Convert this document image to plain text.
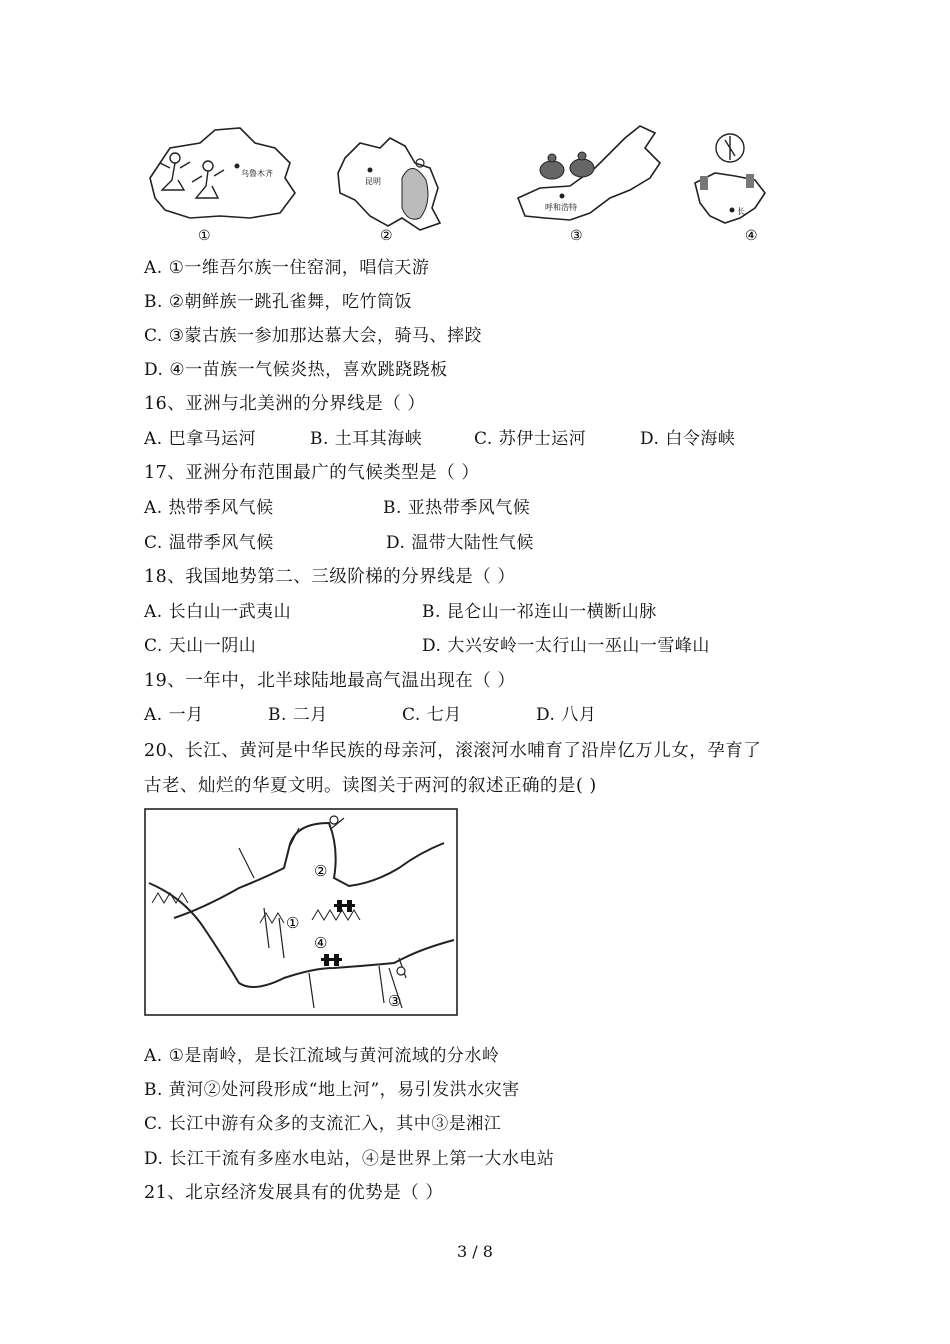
乌鲁木齐
①
昆明
②
呼和浩特
③
长
④
A. ①一维吾尔族一住窑洞，唱信天游
B. ②朝鲜族一跳孔雀舞，吃竹筒饭
C. ③蒙古族一参加那达慕大会，骑马、摔跤
D. ④一苗族一气候炎热，喜欢跳跷跷板
16、亚洲与北美洲的分界线是（ ）
A. 巴拿马运河	B. 土耳其海峡	C. 苏伊士运河	D. 白令海峡
17、亚洲分布范围最广的气候类型是（ ）
A. 热带季风气候	B. 亚热带季风气候
C. 温带季风气候	D. 温带大陆性气候
18、我国地势第二、三级阶梯的分界线是（ ）
A. 长白山一武夷山	B. 昆仑山一祁连山一横断山脉
C. 天山一阴山	D. 大兴安岭一太行山一巫山一雪峰山
19、一年中，北半球陆地最高气温出现在（ ）
A. 一月	B. 二月	C. 七月	D. 八月
20、长江、黄河是中华民族的母亲河，滚滚河水哺育了沿岸亿万儿女，孕育了
古老、灿烂的华夏文明。读图关于两河的叙述正确的是( )
①
②
③
④
A. ①是南岭，是长江流域与黄河流域的分水岭
B. 黄河②处河段形成“地上河”，易引发洪水灾害
C. 长江中游有众多的支流汇入，其中③是湘江
D. 长江干流有多座水电站，④是世界上第一大水电站
21、北京经济发展具有的优势是（ ）
3 / 8
